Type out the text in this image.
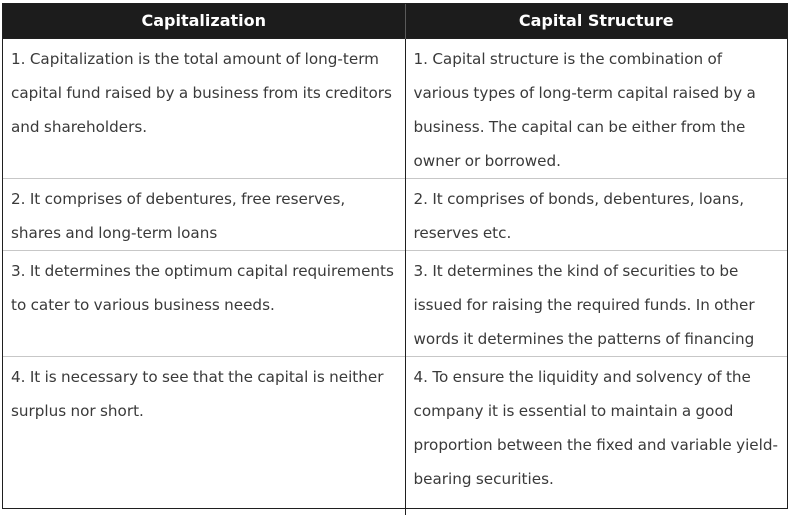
Capitalization	Capital Structure
1. Capitalization is the total amount of long-term capital fund raised by a business from its creditors and shareholders.	1. Capital structure is the combination of various types of long-term capital raised by a business. The capital can be either from the owner or borrowed.
2. It comprises of debentures, free reserves, shares and long-term loans	2. It comprises of bonds, debentures, loans, reserves etc.
3. It determines the optimum capital requirements to cater to various business needs.	3. It determines the kind of securities to be issued for raising the required funds. In other words it determines the patterns of financing
4. It is necessary to see that the capital is neither surplus nor short.	4. To ensure the liquidity and solvency of the company it is essential to maintain a good proportion between the fixed and variable yield-bearing securities.
